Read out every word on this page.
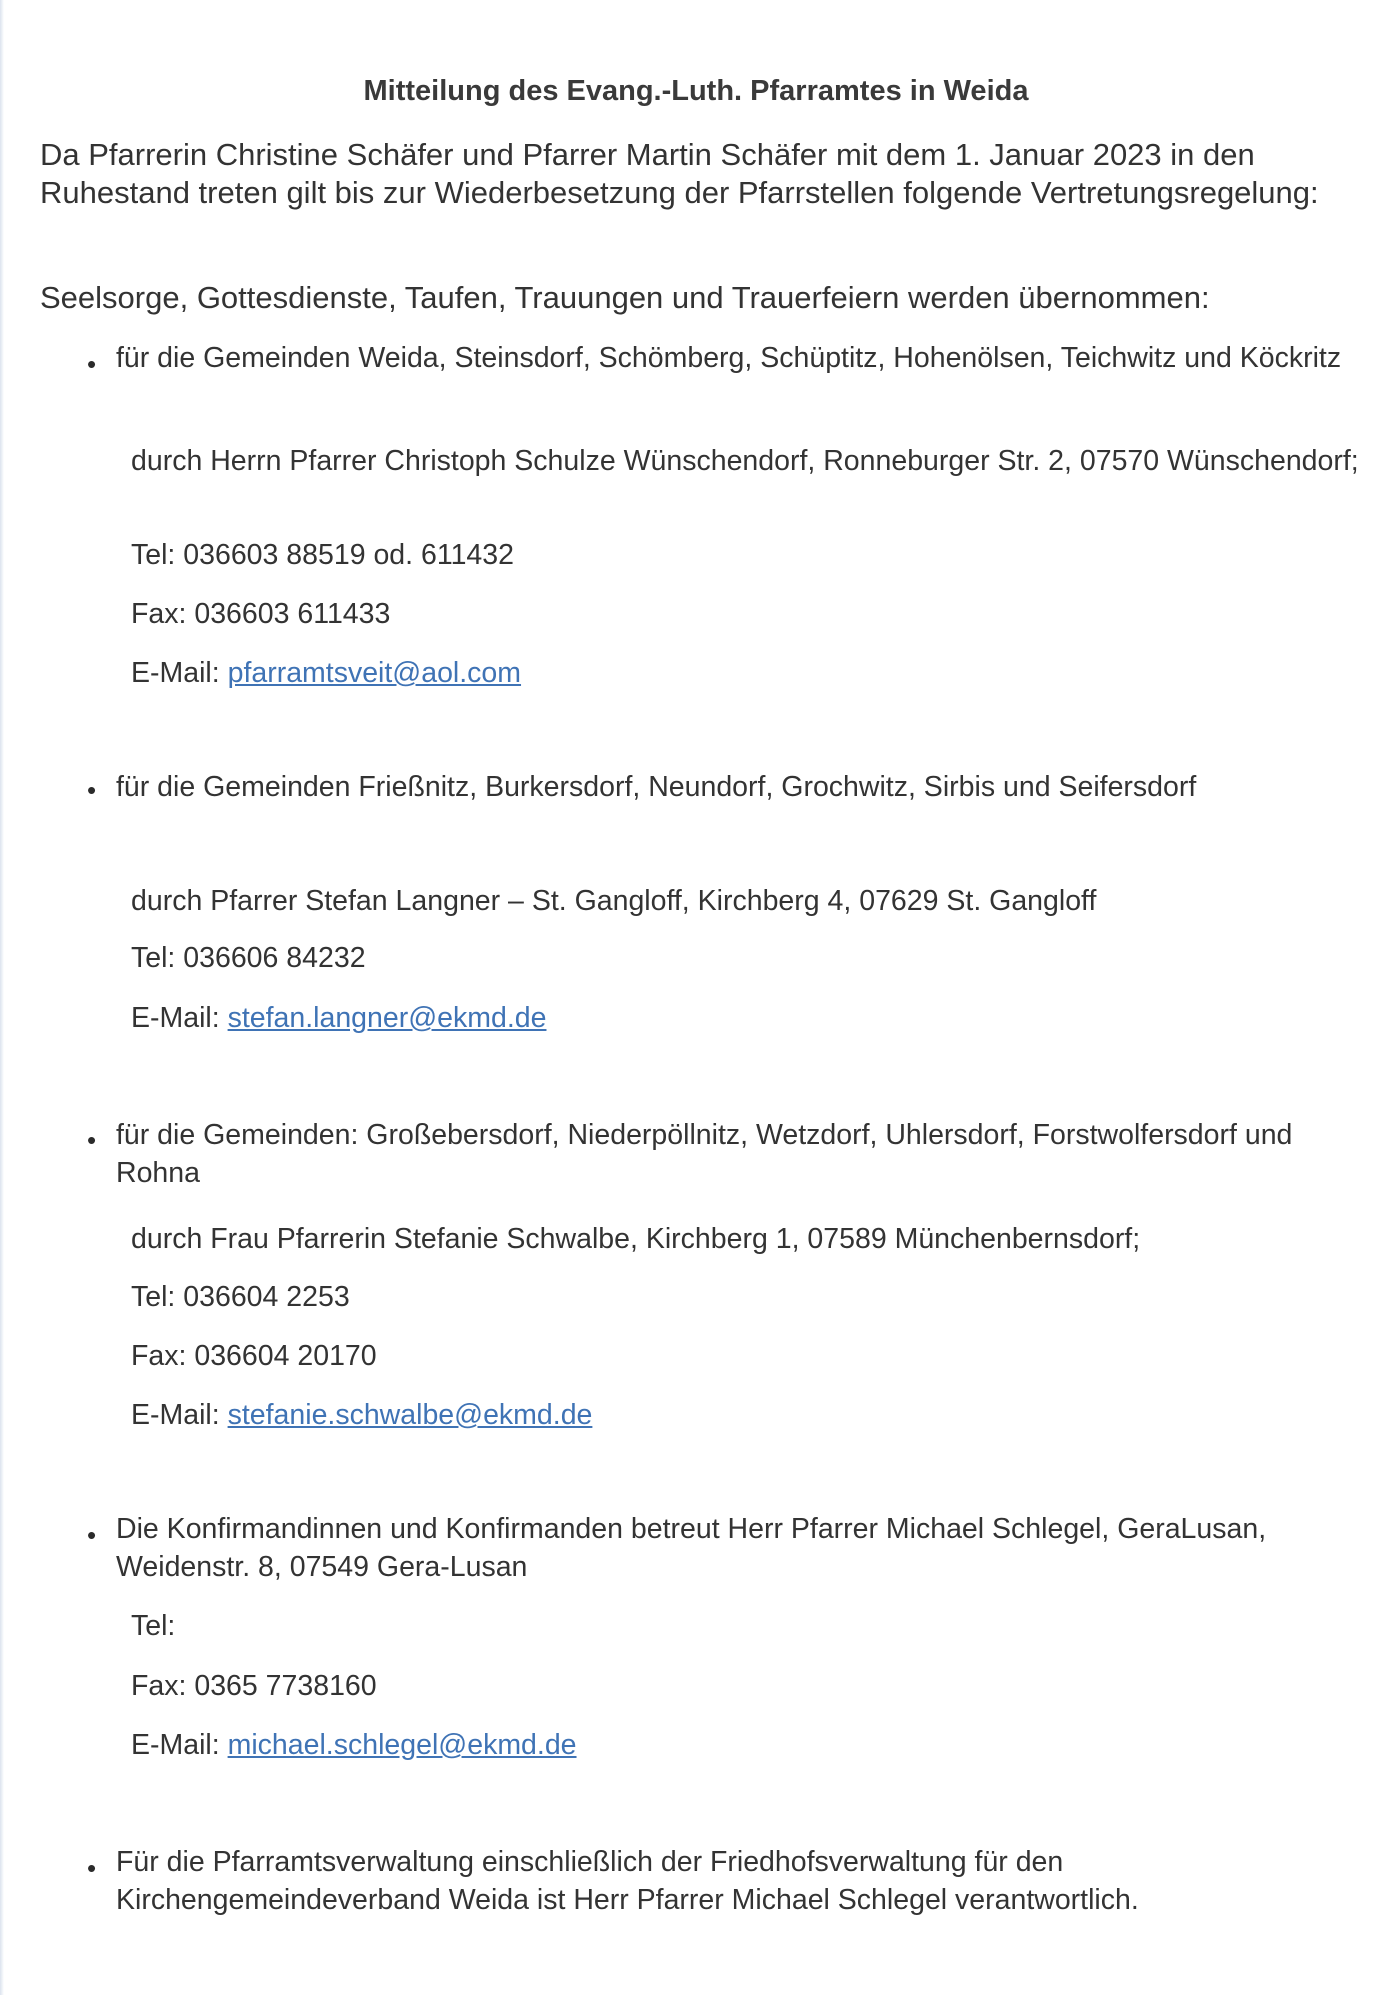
Mitteilung des Evang.-Luth. Pfarramtes in Weida
Da Pfarrerin Christine Schäfer und Pfarrer Martin Schäfer mit dem 1. Januar 2023 in den Ruhestand treten gilt bis zur Wiederbesetzung der Pfarrstellen folgende Vertretungsregelung:
Seelsorge, Gottesdienste, Taufen, Trauungen und Trauerfeiern werden übernommen:
•
für die Gemeinden Weida, Steinsdorf, Schömberg, Schüptitz, Hohenölsen, Teichwitz und Köckritz
durch Herrn Pfarrer Christoph Schulze Wünschendorf, Ronneburger Str. 2, 07570 Wünschendorf;
Tel: 036603 88519 od. 611432
Fax: 036603 611433
E-Mail: pfarramtsveit@aol.com
•
für die Gemeinden Frießnitz, Burkersdorf, Neundorf, Grochwitz, Sirbis und Seifersdorf
durch Pfarrer Stefan Langner – St. Gangloff, Kirchberg 4, 07629 St. Gangloff
Tel: 036606 84232
E-Mail: stefan.langner@ekmd.de
•
für die Gemeinden: Großebersdorf, Niederpöllnitz, Wetzdorf, Uhlersdorf, Forstwolfersdorf und Rohna
durch Frau Pfarrerin Stefanie Schwalbe, Kirchberg 1, 07589 Münchenbernsdorf;
Tel: 036604 2253
Fax: 036604 20170
E-Mail: stefanie.schwalbe@ekmd.de
•
Die Konfirmandinnen und Konfirmanden betreut Herr Pfarrer Michael Schlegel, GeraLusan, Weidenstr. 8, 07549 Gera-Lusan
Tel:
Fax: 0365 7738160
E-Mail: michael.schlegel@ekmd.de
•
Für die Pfarramtsverwaltung einschließlich der Friedhofsverwaltung für den Kirchengemeindeverband Weida ist Herr Pfarrer Michael Schlegel verantwortlich.
